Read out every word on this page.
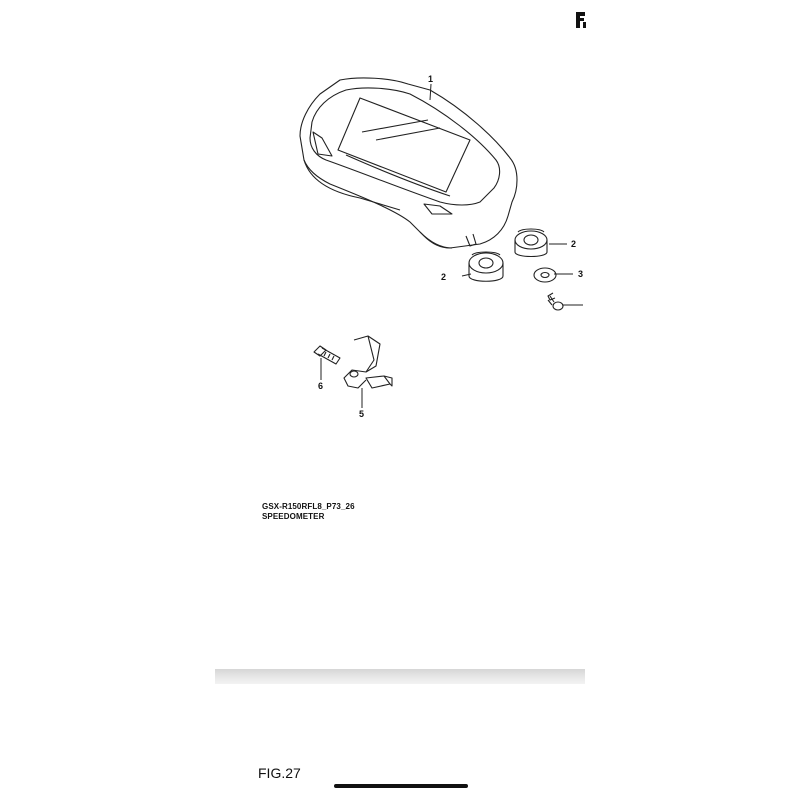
1
2
2	3
6
5
GSX-R150RFL8_P73_26
SPEEDOMETER
FIG.27
